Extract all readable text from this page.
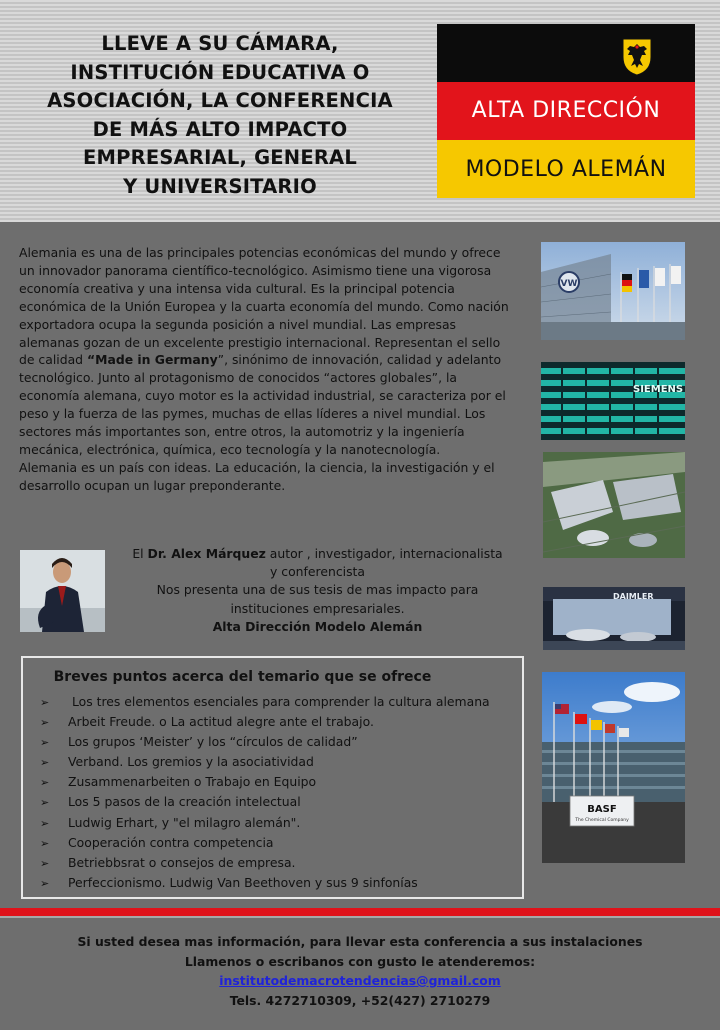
LLEVE A SU CÁMARA,
INSTITUCIÓN EDUCATIVA O
ASOCIACIÓN, LA CONFERENCIA
DE MÁS ALTO IMPACTO
EMPRESARIAL, GENERAL
Y UNIVERSITARIO
ALTA DIRECCIÓN
MODELO ALEMÁN

Alemania es una de las principales potencias económicas del mundo y ofrece un innovador panorama científico-tecnológico. Asimismo tiene una vigorosa economía creativa y una intensa vida cultural. Es la principal potencia económica de la Unión Europea y la cuarta economía del mundo. Como nación exportadora ocupa la segunda posición a nivel mundial. Las empresas alemanas gozan de un excelente prestigio internacional. Representan el sello de calidad “Made in Germany”, sinónimo de innovación, calidad y adelanto tecnológico. Junto al protagonismo de conocidos “actores globales”, la economía alemana, cuyo motor es la actividad industrial, se caracteriza por el peso y la fuerza de las pymes, muchas de ellas líderes a nivel mundial. Los sectores más importantes son, entre otros, la automotriz y la ingeniería mecánica, electrónica, química, eco tecnología y la nanotecnología.

Alemania es un país con ideas. La educación, la ciencia, la investigación y el desarrollo ocupan un lugar preponderante.

VW
SIEMENS
DAIMLER
BASF
The Chemical Company
El Dr. Alex Márquez autor , investigador, internacionalista
y conferencista
Nos presenta una de sus tesis de mas impacto para
instituciones empresariales.
Alta Dirección Modelo Alemán
Breves puntos acerca del temario que se ofrece
➢ Los tres elementos esenciales para comprender la cultura alemana
➢ Arbeit Freude. o La actitud alegre ante el trabajo.
➢ Los grupos ‘Meister’ y los “círculos de calidad”
➢ Verband. Los gremios y la asociatividad
➢ Zusammenarbeiten o Trabajo en Equipo
➢ Los 5 pasos de la creación intelectual
➢ Ludwig Erhart, y "el milagro alemán".
➢ Cooperación contra competencia
➢ Betriebbsrat o consejos de empresa.
➢ Perfeccionismo. Ludwig Van Beethoven y sus 9 sinfonías
Si usted desea mas información, para llevar esta conferencia a sus instalaciones
Llamenos o escribanos con gusto le atenderemos:
institutodemacrotendencias@gmail.com
Tels. 4272710309, +52(427) 2710279
